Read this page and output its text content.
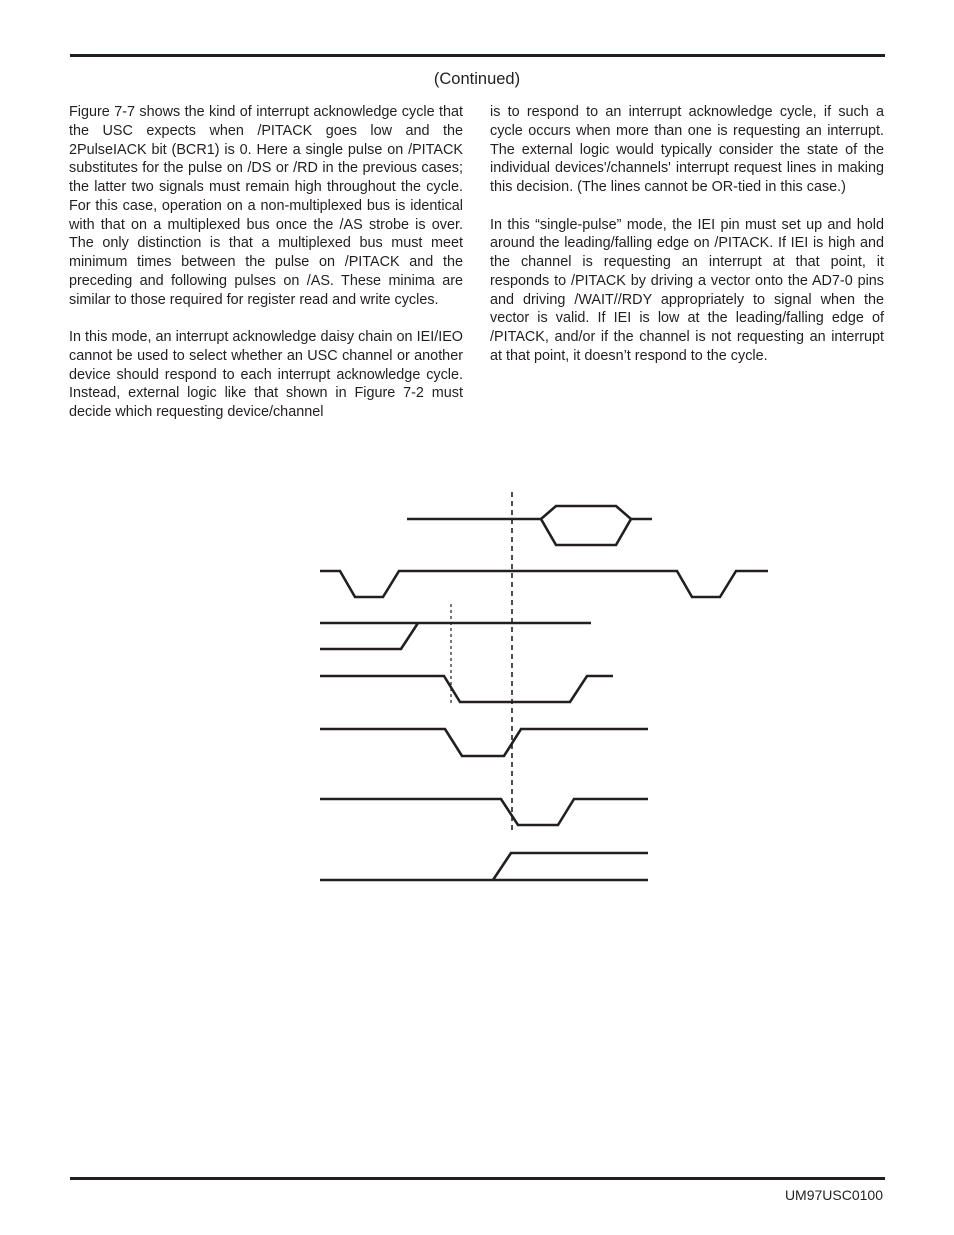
(Continued)

Figure 7-7 shows the kind of interrupt acknowledge cycle that the USC expects when /PITACK goes low and the 2PulseIACK bit (BCR1) is 0. Here a single pulse on /PITACK substitutes for the pulse on /DS or /RD in the previous cases; the latter two signals must remain high throughout the cycle. For this case, operation on a non-multiplexed bus is identical with that on a multiplexed bus once the /AS strobe is over. The only distinction is that a multiplexed bus must meet minimum times between the pulse on /PITACK and the preceding and following pulses on /AS. These minima are similar to those required for register read and write cycles.

In this mode, an interrupt acknowledge daisy chain on IEI/IEO cannot be used to select whether an USC channel or another device should respond to each interrupt acknowledge cycle. Instead, external logic like that shown in Figure 7-2 must decide which requesting device/channel

is to respond to an interrupt acknowledge cycle, if such a cycle occurs when more than one is requesting an interrupt. The external logic would typically consider the state of the individual devices'/channels' interrupt request lines in making this decision. (The lines cannot be OR-tied in this case.)

In this “single-pulse” mode, the IEI pin must set up and hold around the leading/falling edge on /PITACK. If IEI is high and the channel is requesting an interrupt at that point, it responds to /PITACK by driving a vector onto the AD7-0 pins and driving /WAIT//RDY appropriately to signal when the vector is valid. If IEI is low at the leading/falling edge of /PITACK, and/or if the channel is not requesting an interrupt at that point, it doesn’t respond to the cycle.

UM97USC0100
